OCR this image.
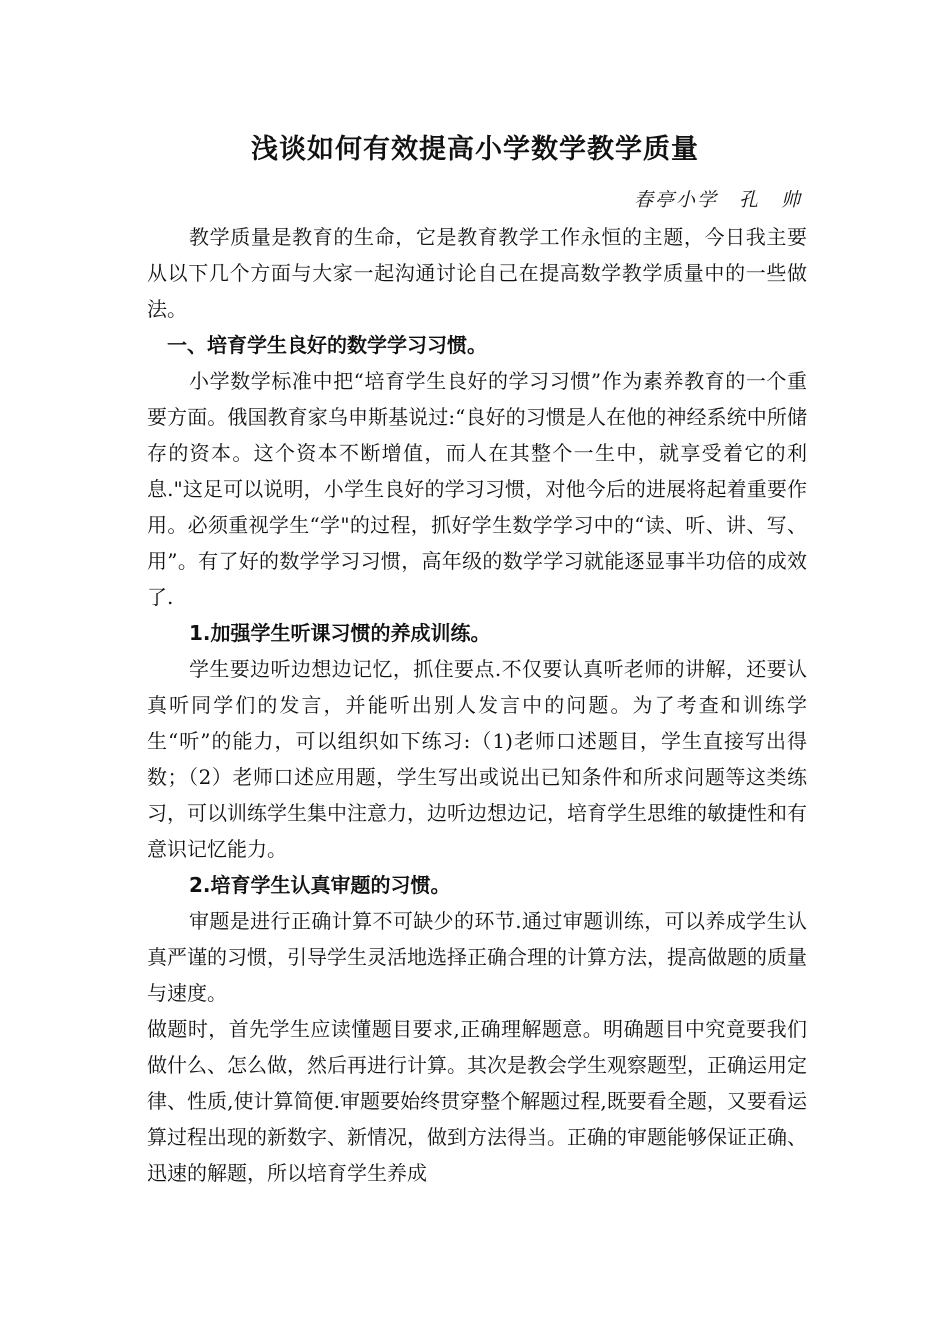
浅谈如何有效提高小学数学教学质量
春亭小学　孔　帅

教学质量是教育的生命，它是教育教学工作永恒的主题，今日我主要从以下几个方面与大家一起沟通讨论自己在提高数学教学质量中的一些做法。

一、培育学生良好的数学学习习惯。

小学数学标准中把“培育学生良好的学习习惯”作为素养教育的一个重要方面。俄国教育家乌申斯基说过:“良好的习惯是人在他的神经系统中所储存的资本。这个资本不断增值，而人在其整个一生中，就享受着它的利息."这足可以说明，小学生良好的学习习惯，对他今后的进展将起着重要作用。必须重视学生“学"的过程，抓好学生数学学习中的“读、听、讲、写、用”。有了好的数学学习习惯，高年级的数学学习就能逐显事半功倍的成效了.

1.加强学生听课习惯的养成训练。

学生要边听边想边记忆，抓住要点.不仅要认真听老师的讲解，还要认真听同学们的发言，并能听出别人发言中的问题。为了考查和训练学生“听”的能力，可以组织如下练习:（1)老师口述题目，学生直接写出得数；（2）老师口述应用题，学生写出或说出已知条件和所求问题等这类练习，可以训练学生集中注意力，边听边想边记，培育学生思维的敏捷性和有意识记忆能力。

2.培育学生认真审题的习惯。

审题是进行正确计算不可缺少的环节.通过审题训练，可以养成学生认真严谨的习惯，引导学生灵活地选择正确合理的计算方法，提高做题的质量与速度。

做题时，首先学生应读懂题目要求,正确理解题意。明确题目中究竟要我们做什么、怎么做，然后再进行计算。其次是教会学生观察题型，正确运用定律、性质,使计算简便.审题要始终贯穿整个解题过程,既要看全题，又要看运算过程出现的新数字、新情况，做到方法得当。正确的审题能够保证正确、迅速的解题，所以培育学生养成
